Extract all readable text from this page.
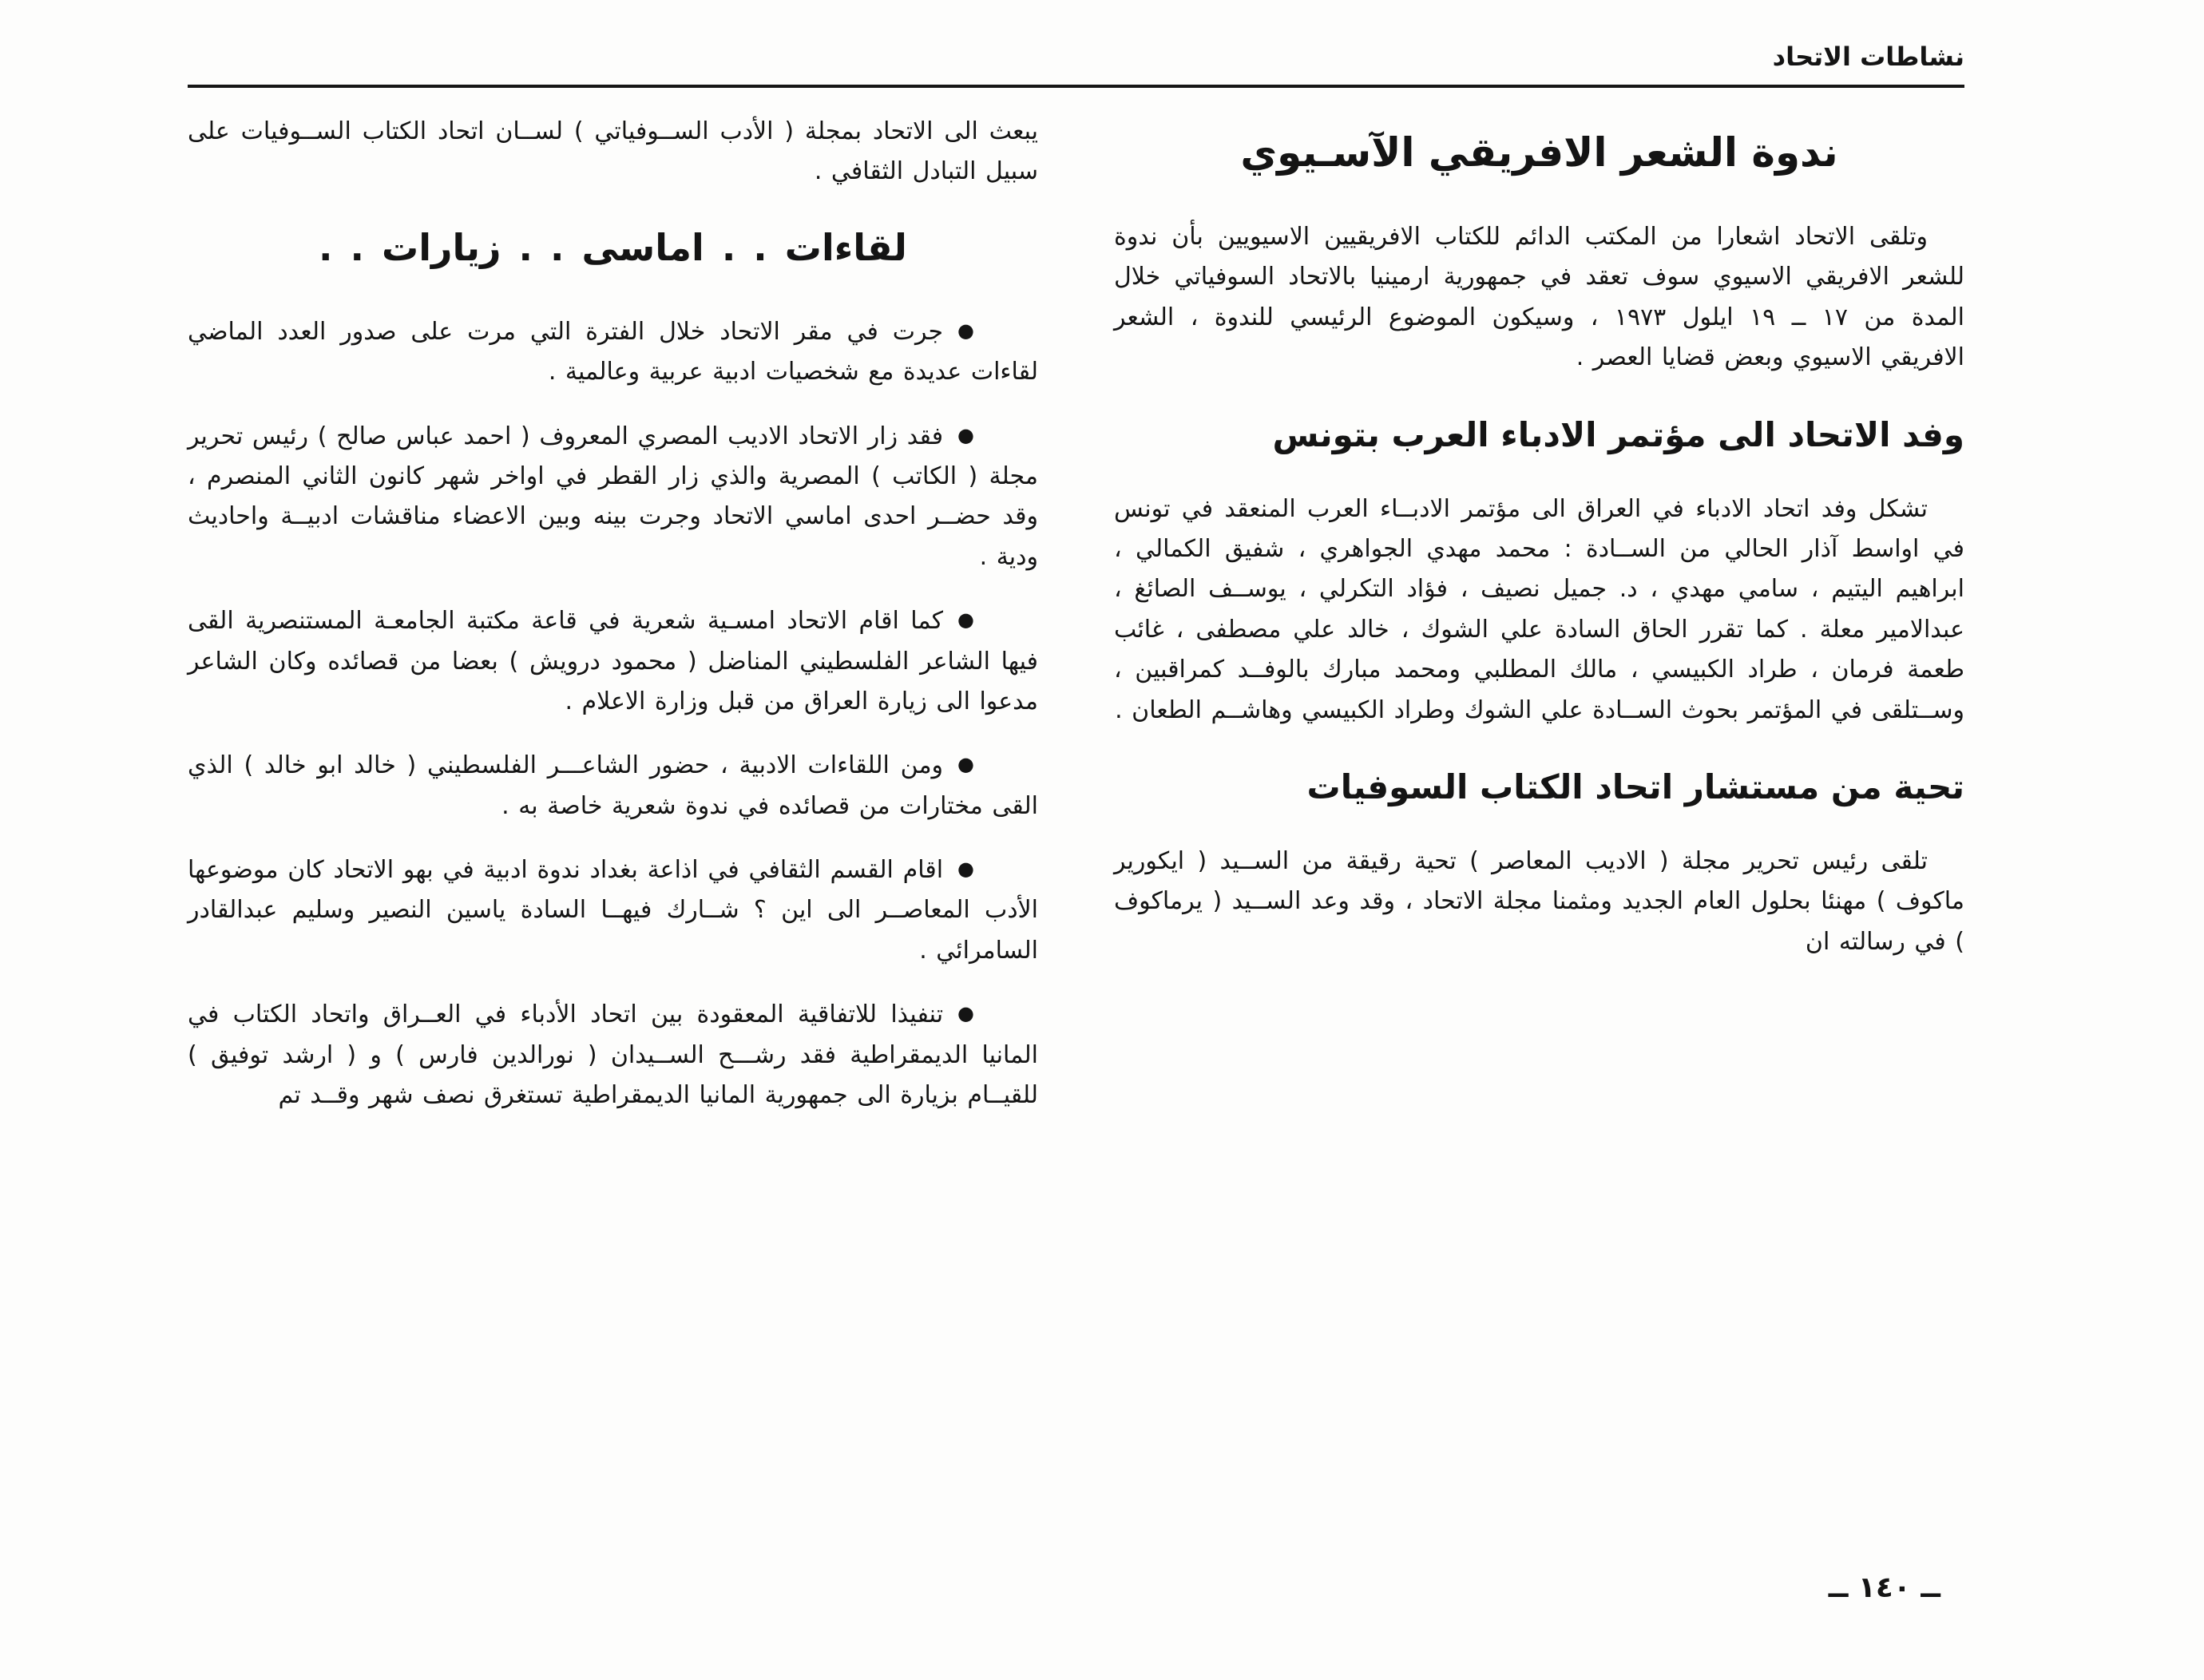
نشاطات الاتحاد
ندوة الشعر الافريقي الآسـيوي

وتلقى الاتحاد اشعارا من المكتب الدائم للكتاب الافريقيين الاسيويين بأن ندوة للشعر الافريقي الاسيوي سوف تعقد في جمهورية ارمينيا بالاتحاد السوفياتي خلال المدة من ١٧ ــ ١٩ ايلول ١٩٧٣ ، وسيكون الموضوع الرئيسي للندوة ، الشعر الافريقي الاسيوي وبعض قضايا العصر .

وفد الاتحاد الى مؤتمر الادباء العرب بتونس

تشكل وفد اتحاد الادباء في العراق الى مؤتمر الادبــاء العرب المنعقد في تونس في اواسط آذار الحالي من الســادة : محمد مهدي الجواهري ، شفيق الكمالي ، ابراهيم اليتيم ، سامي مهدي ، د. جميل نصيف ، فؤاد التكرلي ، يوســف الصائغ ، عبدالامير معلة . كما تقرر الحاق السادة علي الشوك ، خالد علي مصطفى ، غائب طعمة فرمان ، طراد الكبيسي ، مالك المطلبي ومحمد مبارك بالوفــد كمراقبين ، وســتلقى في المؤتمر بحوث الســادة علي الشوك وطراد الكبيسي وهاشــم الطعان .

تحية من مستشار اتحاد الكتاب السوفيات

تلقى رئيس تحرير مجلة ( الاديب المعاصر ) تحية رقيقة من الســيد ( ايكورير ماكوف ) مهنئا بحلول العام الجديد ومثمنا مجلة الاتحاد ، وقد وعد الســيد ( يرماكوف ) في رسالته ان

يبعث الى الاتحاد بمجلة ( الأدب الســوفياتي ) لســان اتحاد الكتاب الســوفيات على سبيل التبادل الثقافي .

لقاءات . . اماسى . . زيارات . .

●جرت في مقر الاتحاد خلال الفترة التي مرت على صدور العدد الماضي لقاءات عديدة مع شخصيات ادبية عربية وعالمية .

●فقد زار الاتحاد الاديب المصري المعروف ( احمد عباس صالح ) رئيس تحرير مجلة ( الكاتب ) المصرية والذي زار القطر في اواخر شهر كانون الثاني المنصرم ، وقد حضــر احدى اماسي الاتحاد وجرت بينه وبين الاعضاء مناقشات ادبيــة واحاديث ودية .

●كما اقام الاتحاد امسـية شعرية في قاعة مكتبة الجامعـة المستنصرية القى فيها الشاعر الفلسطيني المناضل ( محمود درويش ) بعضا من قصائده وكان الشاعر مدعوا الى زيارة العراق من قبل وزارة الاعلام .

●ومن اللقاءات الادبية ، حضور الشاعـــر الفلسطيني ( خالد ابو خالد ) الذي القى مختارات من قصائده في ندوة شعرية خاصة به .

●اقام القسم الثقافي في اذاعة بغداد ندوة ادبية في بهو الاتحاد كان موضوعها الأدب المعاصــر الى اين ؟ شــارك فيهــا السادة ياسين النصير وسليم عبدالقادر السامرائي .

●تنفيذا للاتفاقية المعقودة بين اتحاد الأدباء في العــراق واتحاد الكتاب في المانيا الديمقراطية فقد رشـــح الســيدان ( نورالدين فارس ) و ( ارشد توفيق ) للقيــام بزيارة الى جمهورية المانيا الديمقراطية تستغرق نصف شهر وقــد تم

ــ ١٤٠ ــ
